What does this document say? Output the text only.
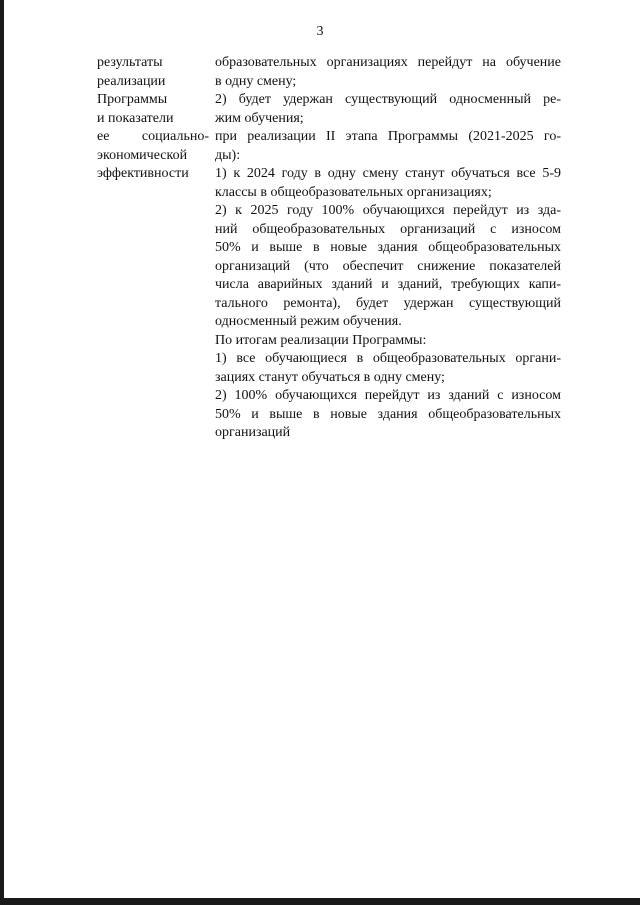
3
результаты
реализации
Программы
и показатели
ее социально-
экономической
эффективности
образовательных организациях перейдут на обучение
в одну смену;
2) будет удержан существующий односменный ре-
жим обучения;
при реализации II этапа Программы (2021-2025 го-
ды):
1) к 2024 году в одну смену станут обучаться все 5-9
классы в общеобразовательных организациях;
2) к 2025 году 100% обучающихся перейдут из зда-
ний общеобразовательных организаций с износом
50% и выше в новые здания общеобразовательных
организаций (что обеспечит снижение показателей
числа аварийных зданий и зданий, требующих капи-
тального ремонта), будет удержан существующий
односменный режим обучения.
По итогам реализации Программы:
1) все обучающиеся в общеобразовательных органи-
зациях станут обучаться в одну смену;
2) 100% обучающихся перейдут из зданий с износом
50% и выше в новые здания общеобразовательных
организаций
